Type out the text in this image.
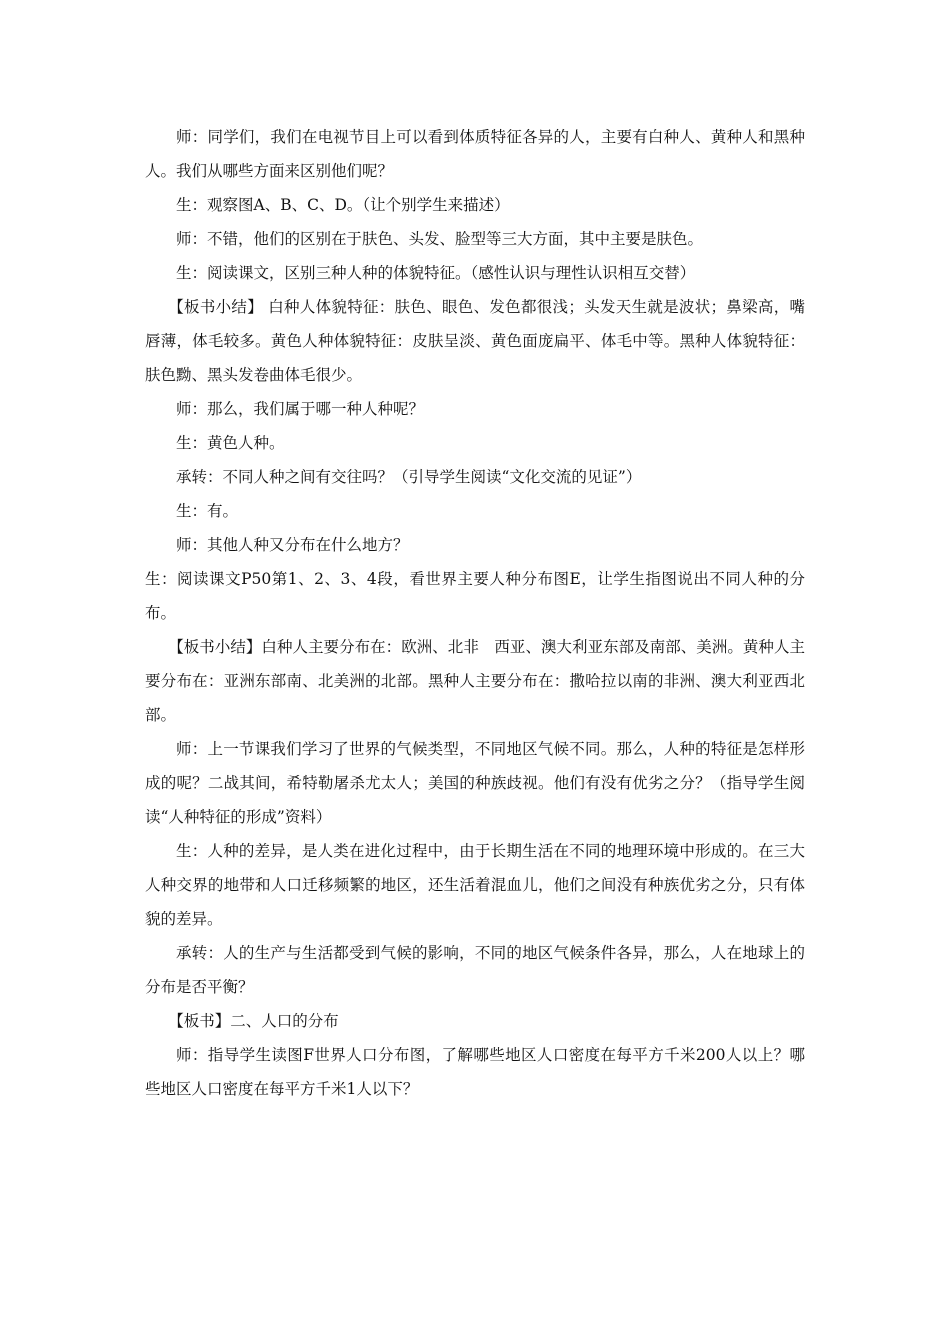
师：同学们，我们在电视节目上可以看到体质特征各异的人，主要有白种人、黄种人和黑种人。我们从哪些方面来区别他们呢？

生：观察图A、B、C、D。（让个别学生来描述）

师：不错，他们的区别在于肤色、头发、脸型等三大方面，其中主要是肤色。

生：阅读课文，区别三种人种的体貌特征。（感性认识与理性认识相互交替）

【板书小结】 白种人体貌特征：肤色、眼色、发色都很浅；头发天生就是波状；鼻梁高，嘴唇薄，体毛较多。黄色人种体貌特征：皮肤呈淡、黄色面庞扁平、体毛中等。黑种人体貌特征：肤色黝、黑头发卷曲体毛很少。

师：那么，我们属于哪一种人种呢？

生：黄色人种。

承转：不同人种之间有交往吗？（引导学生阅读“文化交流的见证”）

生：有。

师：其他人种又分布在什么地方？

生：阅读课文P50第1、2、3、4段，看世界主要人种分布图E，让学生指图说出不同人种的分布。

【板书小结】白种人主要分布在：欧洲、北非　西亚、澳大利亚东部及南部、美洲。黄种人主要分布在：亚洲东部南、北美洲的北部。黑种人主要分布在：撒哈拉以南的非洲、澳大利亚西北部。

师：上一节课我们学习了世界的气候类型，不同地区气候不同。那么，人种的特征是怎样形成的呢？二战其间，希特勒屠杀尤太人；美国的种族歧视。他们有没有优劣之分？（指导学生阅读“人种特征的形成”资料）

生：人种的差异，是人类在进化过程中，由于长期生活在不同的地理环境中形成的。在三大人种交界的地带和人口迁移频繁的地区，还生活着混血儿，他们之间没有种族优劣之分，只有体貌的差异。

承转：人的生产与生活都受到气候的影响，不同的地区气候条件各异，那么，人在地球上的分布是否平衡？

【板书】二、人口的分布

师：指导学生读图F世界人口分布图，了解哪些地区人口密度在每平方千米200人以上？哪些地区人口密度在每平方千米1人以下？
